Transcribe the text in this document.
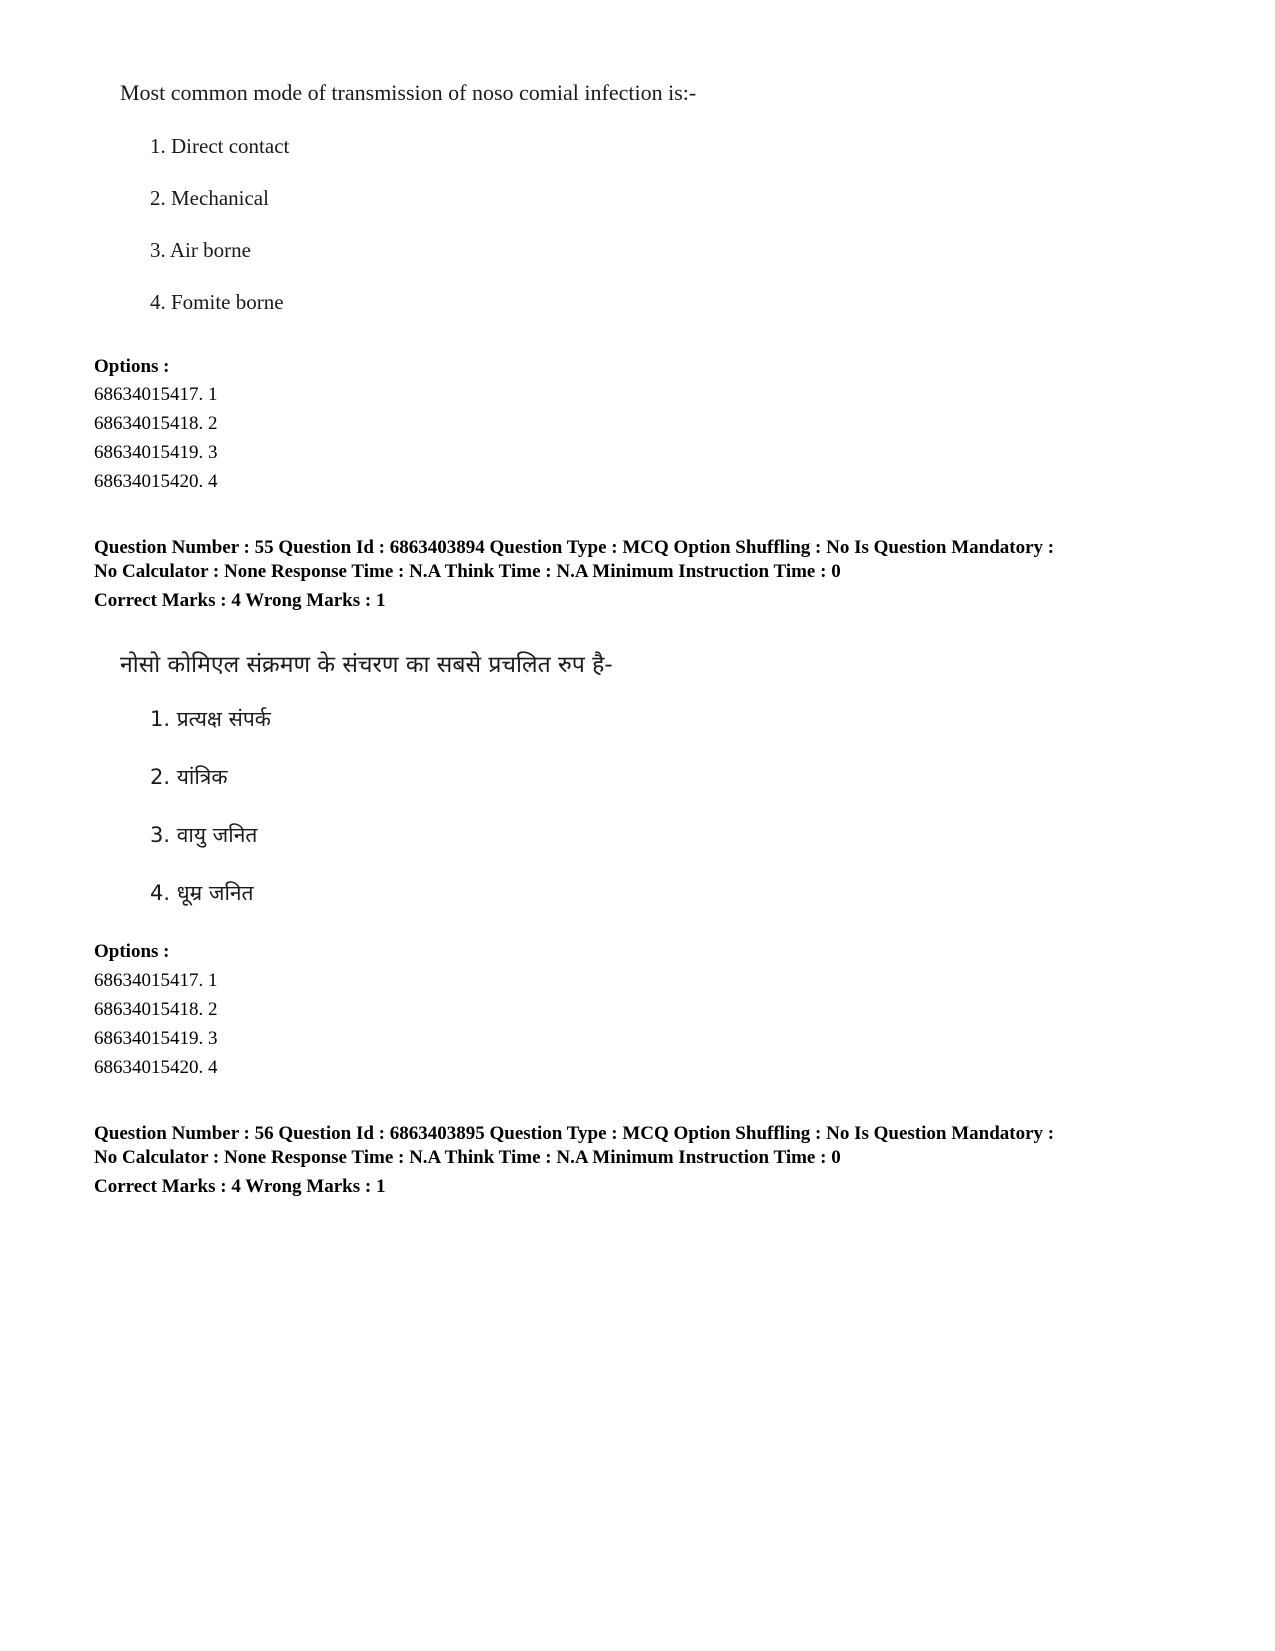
Most common mode of transmission of noso comial infection is:-
1. Direct contact
2. Mechanical
3. Air borne
4. Fomite borne
Options :
68634015417. 1
68634015418. 2
68634015419. 3
68634015420. 4
Question Number : 55 Question Id : 6863403894 Question Type : MCQ Option Shuffling : No Is Question Mandatory :
No Calculator : None Response Time : N.A Think Time : N.A Minimum Instruction Time : 0
Correct Marks : 4 Wrong Marks : 1
नोसो कोमिएल संक्रमण के संचरण का सबसे प्रचलित रुप है-
1. प्रत्यक्ष संपर्क
2. यांत्रिक
3. वायु जनित
4. धूम्र जनित
Options :
68634015417. 1
68634015418. 2
68634015419. 3
68634015420. 4
Question Number : 56 Question Id : 6863403895 Question Type : MCQ Option Shuffling : No Is Question Mandatory :
No Calculator : None Response Time : N.A Think Time : N.A Minimum Instruction Time : 0
Correct Marks : 4 Wrong Marks : 1
